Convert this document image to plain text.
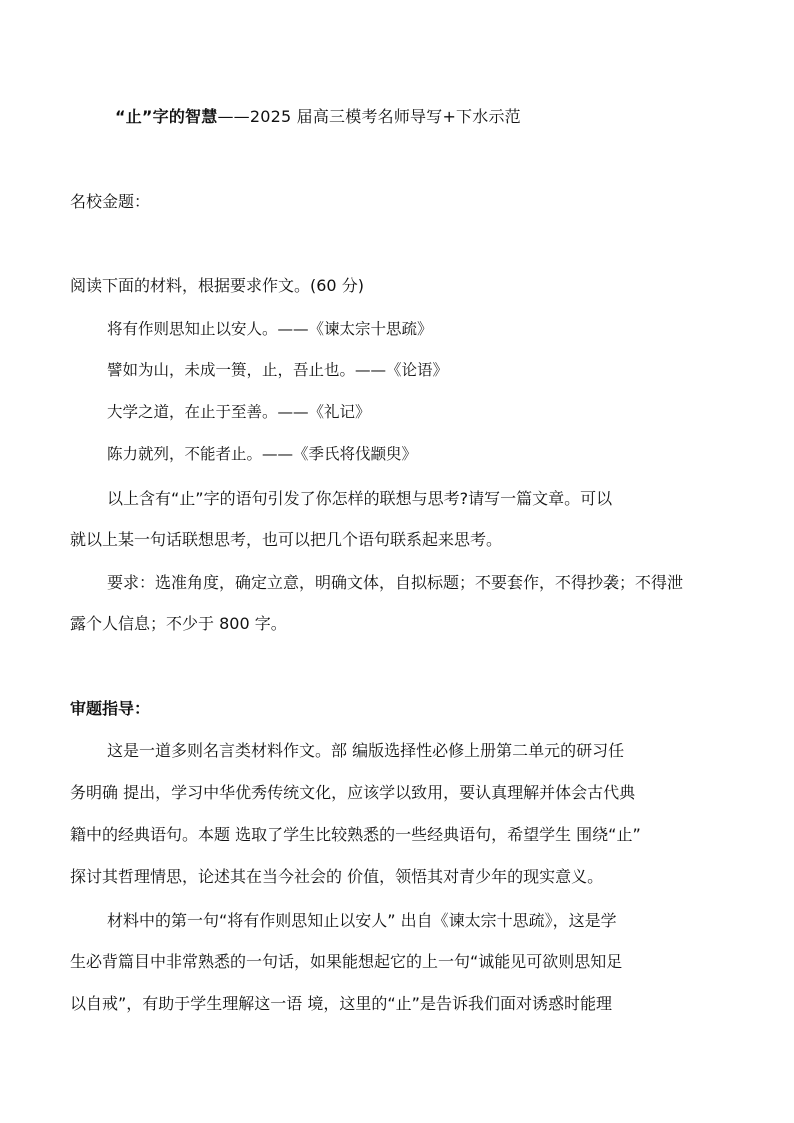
“止”字的智慧——2025 届高三模考名师导写+下水示范
名校金题：
阅读下面的材料，根据要求作文。(60 分)
将有作则思知止以安人。——《谏太宗十思疏》
譬如为山，未成一篑，止，吾止也。——《论语》
大学之道，在止于至善。——《礼记》
陈力就列，不能者止。——《季氏将伐颛臾》
以上含有“止”字的语句引发了你怎样的联想与思考?请写一篇文章。可以
就以上某一句话联想思考，也可以把几个语句联系起来思考。
要求：选准角度，确定立意，明确文体，自拟标题；不要套作，不得抄袭；不得泄
露个人信息；不少于 800 字。
审题指导：
这是一道多则名言类材料作文。部 编版选择性必修上册第二单元的研习任
务明确 提出，学习中华优秀传统文化，应该学以致用，要认真理解并体会古代典
籍中的经典语句。本题 选取了学生比较熟悉的一些经典语句，希望学生 围绕“止”
探讨其哲理情思，论述其在当今社会的 价值，领悟其对青少年的现实意义。
材料中的第一句“将有作则思知止以安人” 出自《谏太宗十思疏》，这是学
生必背篇目中非常熟悉的一句话，如果能想起它的上一句“诚能见可欲则思知足
以自戒”，有助于学生理解这一语 境，这里的“止”是告诉我们面对诱惑时能理
